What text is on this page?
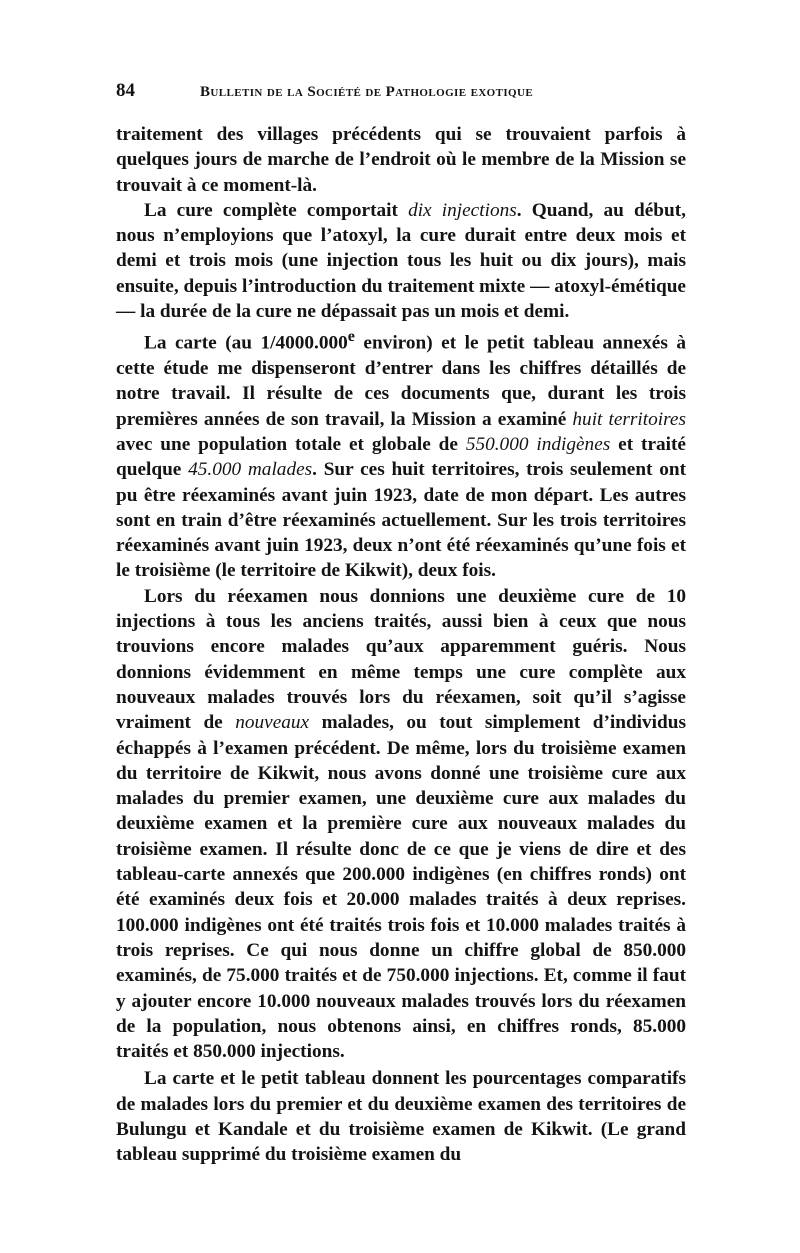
84	Bulletin de la Société de Pathologie exotique

traitement des villages précédents qui se trouvaient parfois à quelques jours de marche de l’endroit où le membre de la Mission se trouvait à ce moment-là.

La cure complète comportait dix injections. Quand, au début, nous n’employions que l’atoxyl, la cure durait entre deux mois et demi et trois mois (une injection tous les huit ou dix jours), mais ensuite, depuis l’introduction du traitement mixte — atoxyl-émétique — la durée de la cure ne dépassait pas un mois et demi.

La carte (au 1/4000.000e environ) et le petit tableau annexés à cette étude me dispenseront d’entrer dans les chiffres détaillés de notre travail. Il résulte de ces documents que, durant les trois premières années de son travail, la Mission a examiné huit territoires avec une population totale et globale de 550.000 indigènes et traité quelque 45.000 malades. Sur ces huit territoires, trois seulement ont pu être réexaminés avant juin 1923, date de mon départ. Les autres sont en train d’être réexaminés actuellement. Sur les trois territoires réexaminés avant juin 1923, deux n’ont été réexaminés qu’une fois et le troisième (le territoire de Kikwit), deux fois.

Lors du réexamen nous donnions une deuxième cure de 10 injections à tous les anciens traités, aussi bien à ceux que nous trouvions encore malades qu’aux apparemment guéris. Nous donnions évidemment en même temps une cure complète aux nouveaux malades trouvés lors du réexamen, soit qu’il s’agisse vraiment de nouveaux malades, ou tout simplement d’individus échappés à l’examen précédent. De même, lors du troisième examen du territoire de Kikwit, nous avons donné une troisième cure aux malades du premier examen, une deuxième cure aux malades du deuxième examen et la première cure aux nouveaux malades du troisième examen. Il résulte donc de ce que je viens de dire et des tableau-carte annexés que 200.000 indigènes (en chiffres ronds) ont été examinés deux fois et 20.000 malades traités à deux reprises. 100.000 indigènes ont été traités trois fois et 10.000 malades traités à trois reprises. Ce qui nous donne un chiffre global de 850.000 examinés, de 75.000 traités et de 750.000 injections. Et, comme il faut y ajouter encore 10.000 nouveaux malades trouvés lors du réexamen de la population, nous obtenons ainsi, en chiffres ronds, 85.000 traités et 850.000 injections.

La carte et le petit tableau donnent les pourcentages comparatifs de malades lors du premier et du deuxième examen des territoires de Bulungu et Kandale et du troisième examen de Kikwit. (Le grand tableau supprimé du troisième examen du
